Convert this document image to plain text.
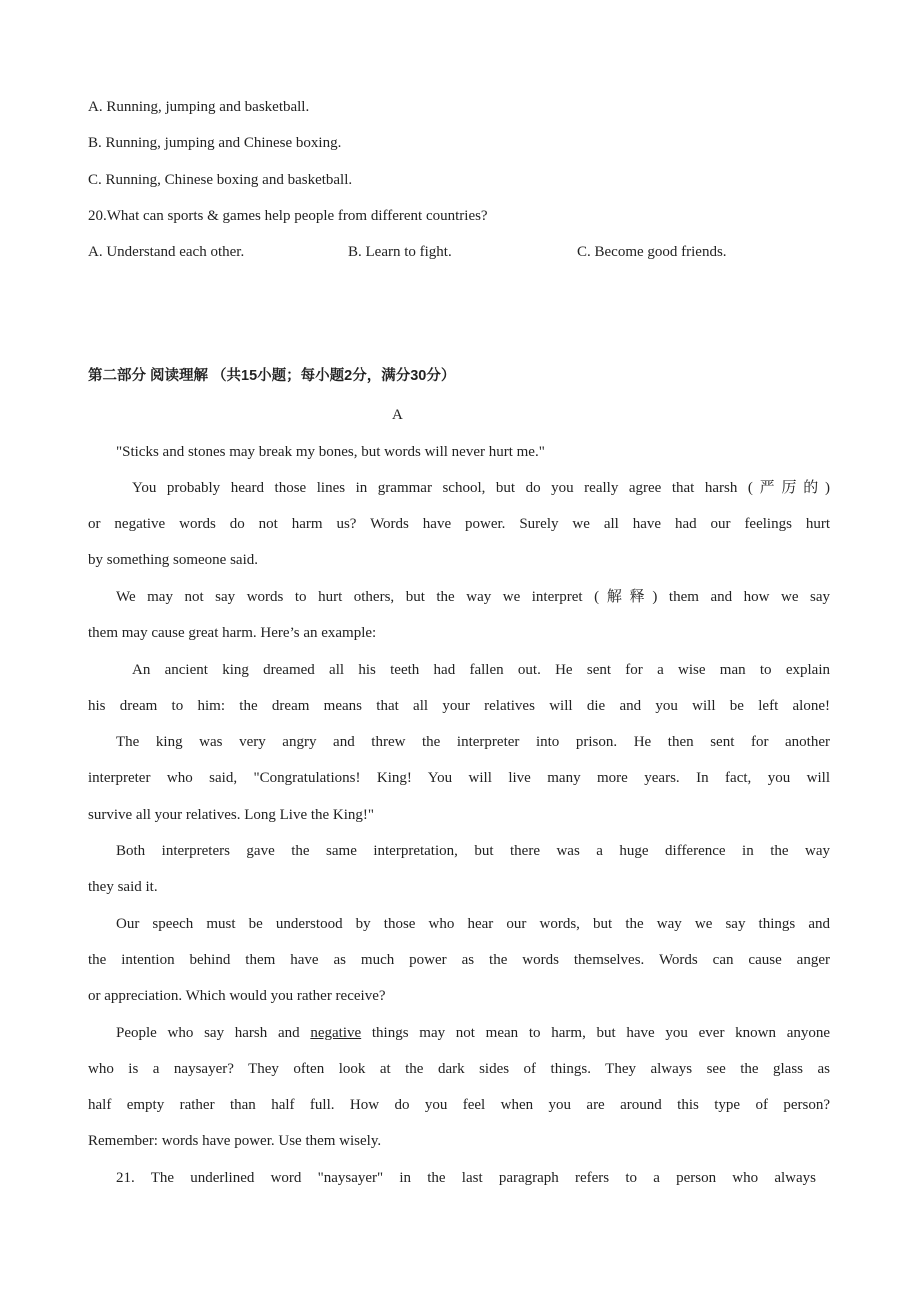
A. Running, jumping and basketball.
B. Running, jumping and Chinese boxing.
C. Running, Chinese boxing and basketball.
20.What can sports & games help people from different countries?
A. Understand each other.	B. Learn to fight.	C. Become good friends.
第二部分 阅读理解 （共15小题；每小题2分，满分30分）
A
"Sticks and stones may break my bones, but words will never hurt me."
You probably heard those lines in grammar school, but do you really agree that harsh (严厉的)
or negative words do not harm us? Words have power. Surely we all have had our feelings hurt
by something someone said.
We may not say words to hurt others, but the way we interpret (解释) them and how we say
them may cause great harm. Here’s an example:
An ancient king dreamed all his teeth had fallen out. He sent for a wise man to explain
his dream to him: the dream means that all your relatives will die and you will be left alone!
The king was very angry and threw the interpreter into prison. He then sent for another
interpreter who said, "Congratulations! King! You will live many more years. In fact, you will
survive all your relatives. Long Live the King!"
Both interpreters gave the same interpretation, but there was a huge difference in the way
they said it.
Our speech must be understood by those who hear our words, but the way we say things and
the intention behind them have as much power as the words themselves. Words can cause anger
or appreciation. Which would you rather receive?
People who say harsh and negative things may not mean to harm, but have you ever known anyone
who is a naysayer? They often look at the dark sides of things. They always see the glass as
half empty rather than half full. How do you feel when you are around this type of person?
Remember: words have power. Use them wisely.
21. The underlined word "naysayer" in the last paragraph refers to a person who always
